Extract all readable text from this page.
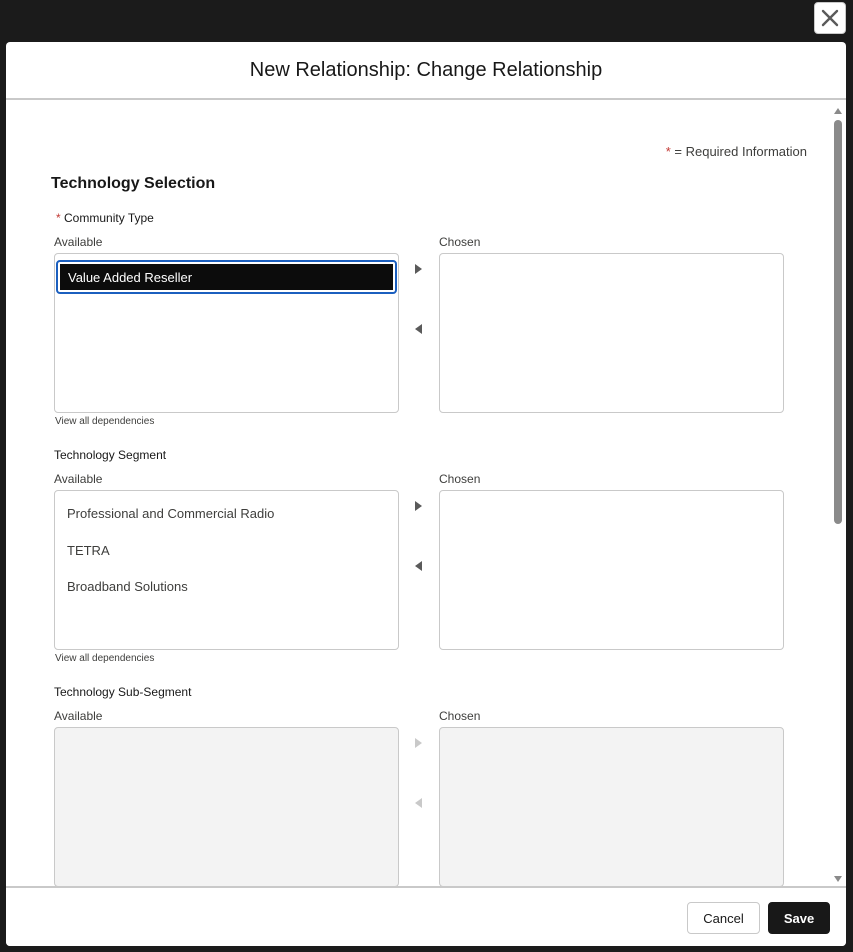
New Relationship: Change Relationship
* = Required Information
Technology Selection
* Community Type
Available	Chosen
Value Added Reseller
View all dependencies
Technology Segment
Available	Chosen
Professional and Commercial Radio
TETRA
Broadband Solutions
View all dependencies
Technology Sub-Segment
Available	Chosen
Cancel	Save
